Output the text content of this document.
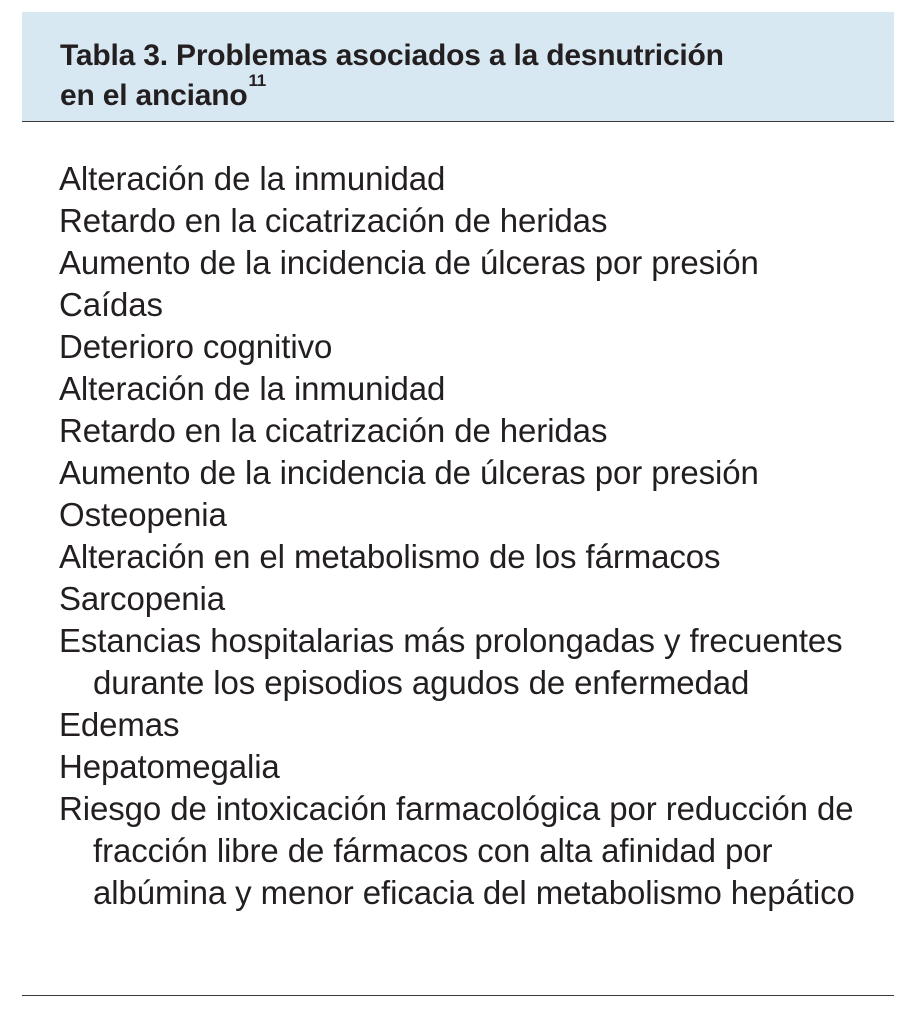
Tabla 3. Problemas asociados a la desnutrición
en el anciano$^{11}$
Alteración de la inmunidad
Retardo en la cicatrización de heridas
Aumento de la incidencia de úlceras por presión
Caídas
Deterioro cognitivo
Alteración de la inmunidad
Retardo en la cicatrización de heridas
Aumento de la incidencia de úlceras por presión
Osteopenia
Alteración en el metabolismo de los fármacos
Sarcopenia
Estancias hospitalarias más prolongadas y frecuentes durante los episodios agudos de enfermedad
Edemas
Hepatomegalia
Riesgo de intoxicación farmacológica por reducción de fracción libre de fármacos con alta afinidad por albúmina y menor eficacia del metabolismo hepático
